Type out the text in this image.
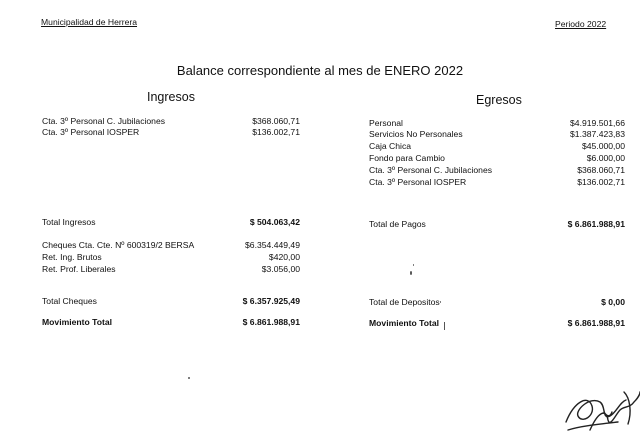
Municipalidad de Herrera	Periodo 2022
Balance correspondiente al mes de ENERO 2022
Ingresos
Cta. 3º Personal C. Jubilaciones	$368.060,71
Cta. 3º Personal IOSPER	$136.002,71
Total Ingresos	$ 504.063,42
Cheques Cta. Cte. Nº 600319/2 BERSA	$6.354.449,49
Ret. Ing. Brutos	$420,00
Ret. Prof. Liberales	$3.056,00
Total Cheques	$ 6.357.925,49
Movimiento Total	$ 6.861.988,91
Egresos
Personal	$4.919.501,66
Servicios No Personales	$1.387.423,83
Caja Chica	$45.000,00
Fondo para Cambio	$6.000,00
Cta. 3º Personal C. Jubilaciones	$368.060,71
Cta. 3º Personal IOSPER	$136.002,71
Total de Pagos	$ 6.861.988,91
Total de Depositos	$ 0,00
Movimiento Total	$ 6.861.988,91
